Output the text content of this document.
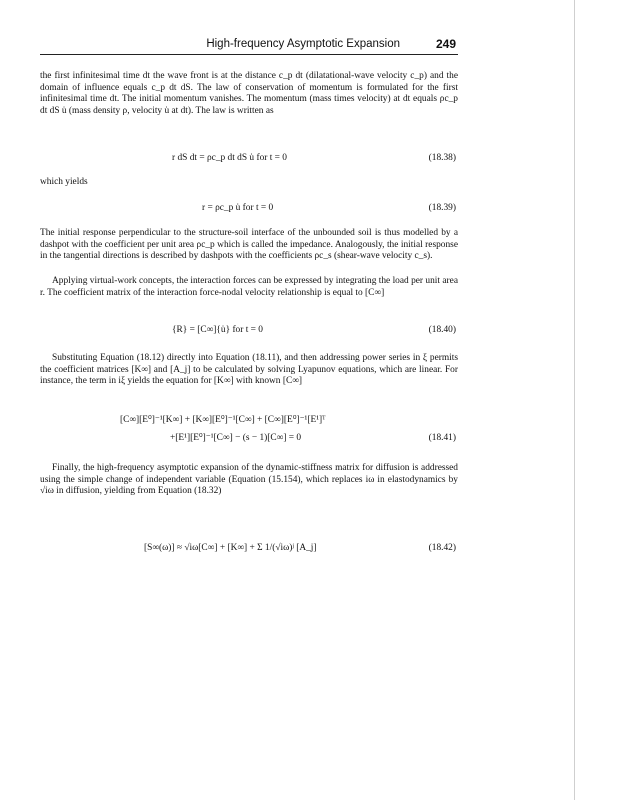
High-frequency Asymptotic Expansion	249
the first infinitesimal time dt the wave front is at the distance c_p dt (dilatational-wave velocity c_p) and the domain of influence equals c_p dt dS. The law of conservation of momentum is formulated for the first infinitesimal time dt. The initial momentum vanishes. The momentum (mass times velocity) at dt equals ρc_p dt dS u̇ (mass density ρ, velocity u̇ at dt). The law is written as
r dS dt = ρc_p dt dS u̇ for t = 0	(18.38)
which yields
r = ρc_p u̇ for t = 0	(18.39)
The initial response perpendicular to the structure-soil interface of the unbounded soil is thus modelled by a dashpot with the coefficient per unit area ρc_p which is called the impedance. Analogously, the initial response in the tangential directions is described by dashpots with the coefficients ρc_s (shear-wave velocity c_s).
Applying virtual-work concepts, the interaction forces can be expressed by integrating the load per unit area r. The coefficient matrix of the interaction force-nodal velocity relationship is equal to [C∞]
{R} = [C∞]{u̇} for t = 0	(18.40)
Substituting Equation (18.12) directly into Equation (18.11), and then addressing power series in ξ permits the coefficient matrices [K∞] and [A_j] to be calculated by solving Lyapunov equations, which are linear. For instance, the term in iξ yields the equation for [K∞] with known [C∞]
[C∞][E⁰]⁻¹[K∞] + [K∞][E⁰]⁻¹[C∞] + [C∞][E⁰]⁻¹[E¹]ᵀ
+[E¹][E⁰]⁻¹[C∞] − (s − 1)[C∞] = 0	(18.41)
Finally, the high-frequency asymptotic expansion of the dynamic-stiffness matrix for diffusion is addressed using the simple change of independent variable (Equation (15.154), which replaces iω in elastodynamics by √iω in diffusion, yielding from Equation (18.32)
[S∞(ω)] ≈ √iω[C∞] + [K∞] + Σ 1/(√iω)ʲ [A_j]	(18.42)
